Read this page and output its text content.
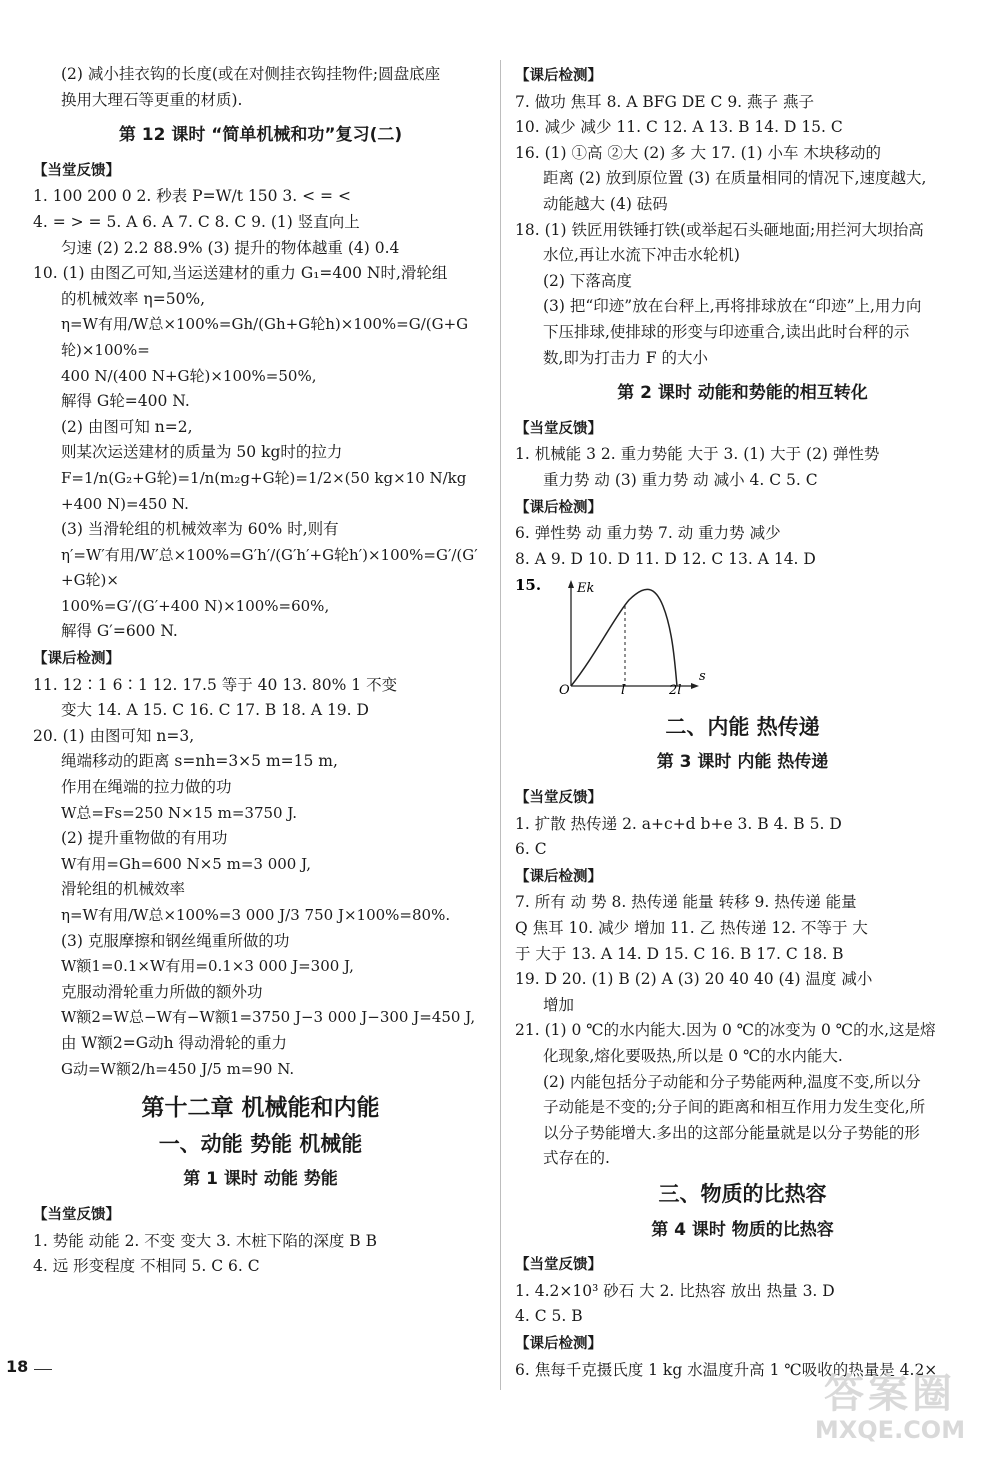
(2) 减小挂衣钩的长度(或在对侧挂衣钩挂物件;圆盘底座

换用大理石等更重的材质).

第 12 课时 “简单机械和功”复习(二)
【当堂反馈】

1. 100 200 0 2. 秒表 P=W/t 150 3. < = <

4. = > = 5. A 6. A 7. C 8. C 9. (1) 竖直向上

匀速 (2) 2.2 88.9% (3) 提升的物体越重 (4) 0.4

10. (1) 由图乙可知,当运送建材的重力 G₁=400 N时,滑轮组

的机械效率 η=50%,

η=W有用/W总×100%=Gh/(Gh+G轮h)×100%=G/(G+G轮)×100%=

400 N/(400 N+G轮)×100%=50%,

解得 G轮=400 N.

(2) 由图可知 n=2,

则某次运送建材的质量为 50 kg时的拉力

F=1/n(G₂+G轮)=1/n(m₂g+G轮)=1/2×(50 kg×10 N/kg

+400 N)=450 N.

(3) 当滑轮组的机械效率为 60% 时,则有

η′=W′有用/W′总×100%=G′h′/(G′h′+G轮h′)×100%=G′/(G′+G轮)×

100%=G′/(G′+400 N)×100%=60%,

解得 G′=600 N.

【课后检测】

11. 12∶1 6∶1 12. 17.5 等于 40 13. 80% 1 不变

变大 14. A 15. C 16. C 17. B 18. A 19. D

20. (1) 由图可知 n=3,

绳端移动的距离 s=nh=3×5 m=15 m,

作用在绳端的拉力做的功

W总=Fs=250 N×15 m=3750 J.

(2) 提升重物做的有用功

W有用=Gh=600 N×5 m=3 000 J,

滑轮组的机械效率

η=W有用/W总×100%=3 000 J/3 750 J×100%=80%.

(3) 克服摩擦和钢丝绳重所做的功

W额1=0.1×W有用=0.1×3 000 J=300 J,

克服动滑轮重力所做的额外功

W额2=W总−W有−W额1=3750 J−3 000 J−300 J=450 J,

由 W额2=G动h 得动滑轮的重力

G动=W额2/h=450 J/5 m=90 N.

第十二章 机械能和内能
一、动能 势能 机械能
第 1 课时 动能 势能
【当堂反馈】

1. 势能 动能 2. 不变 变大 3. 木桩下陷的深度 B B

4. 远 形变程度 不相同 5. C 6. C

【课后检测】

7. 做功 焦耳 8. A BFG DE C 9. 燕子 燕子

10. 减少 减少 11. C 12. A 13. B 14. D 15. C

16. (1) ①高 ②大 (2) 多 大 17. (1) 小车 木块移动的

距离 (2) 放到原位置 (3) 在质量相同的情况下,速度越大,

动能越大 (4) 砝码

18. (1) 铁匠用铁锤打铁(或举起石头砸地面;用拦河大坝抬高

水位,再让水流下冲击水轮机)

(2) 下落高度

(3) 把“印迹”放在台秤上,再将排球放在“印迹”上,用力向

下压排球,使排球的形变与印迹重合,读出此时台秤的示

数,即为打击力 F 的大小

第 2 课时 动能和势能的相互转化
【当堂反馈】

1. 机械能 3 2. 重力势能 大于 3. (1) 大于 (2) 弹性势

重力势 动 (3) 重力势 动 减小 4. C 5. C

【课后检测】

6. 弹性势 动 重力势 7. 动 重力势 减少

8. A 9. D 10. D 11. D 12. C 13. A 14. D

15.	Ek
s
O	l	2l
二、内能 热传递
第 3 课时 内能 热传递
【当堂反馈】

1. 扩散 热传递 2. a+c+d b+e 3. B 4. B 5. D

6. C

【课后检测】

7. 所有 动 势 8. 热传递 能量 转移 9. 热传递 能量

Q 焦耳 10. 减少 增加 11. 乙 热传递 12. 不等于 大

于 大于 13. A 14. D 15. C 16. B 17. C 18. B

19. D 20. (1) B (2) A (3) 20 40 40 (4) 温度 减小

增加

21. (1) 0 ℃的水内能大.因为 0 ℃的冰变为 0 ℃的水,这是熔

化现象,熔化要吸热,所以是 0 ℃的水内能大.

(2) 内能包括分子动能和分子势能两种,温度不变,所以分

子动能是不变的;分子间的距离和相互作用力发生变化,所

以分子势能增大.多出的这部分能量就是以分子势能的形

式存在的.

三、物质的比热容
第 4 课时 物质的比热容
【当堂反馈】

1. 4.2×10³ 砂石 大 2. 比热容 放出 热量 3. D

4. C 5. B

【课后检测】

6. 焦每千克摄氏度 1 kg 水温度升高 1 ℃吸收的热量是 4.2×

18
答案圈
MXQE.COM
